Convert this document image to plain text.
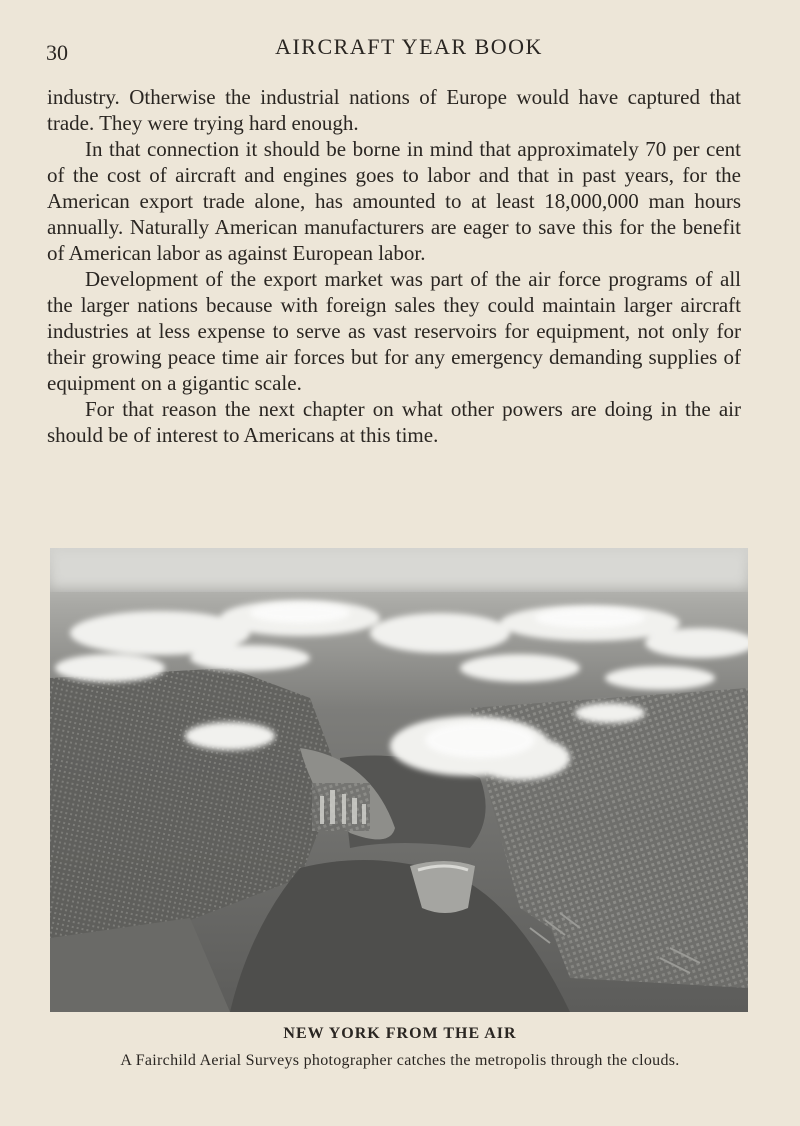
30	AIRCRAFT YEAR BOOK

industry. Otherwise the industrial nations of Europe would have captured that trade. They were trying hard enough.

In that connection it should be borne in mind that approximately 70 per cent of the cost of aircraft and engines goes to labor and that in past years, for the American export trade alone, has amounted to at least 18,000,000 man hours annually. Naturally American manufacturers are eager to save this for the benefit of American labor as against European labor.

Development of the export market was part of the air force programs of all the larger nations because with foreign sales they could maintain larger aircraft industries at less expense to serve as vast reservoirs for equipment, not only for their growing peace time air forces but for any emergency demanding supplies of equipment on a gigantic scale.

For that reason the next chapter on what other powers are doing in the air should be of interest to Americans at this time.

NEW YORK FROM THE AIR
A Fairchild Aerial Surveys photographer catches the metropolis through the clouds.
